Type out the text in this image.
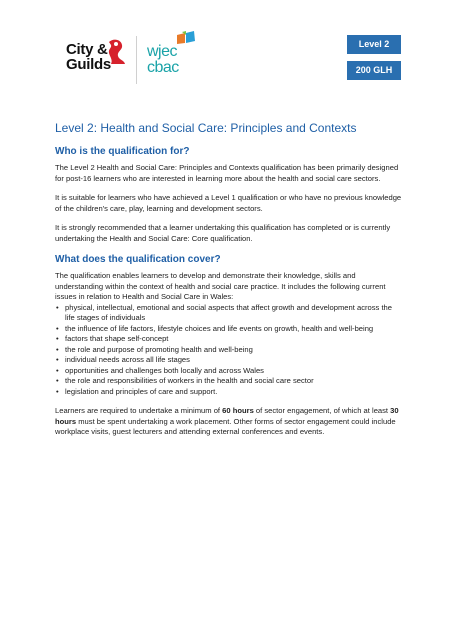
City &
Guilds
wjec
cbac
Level 2
200 GLH
Level 2: Health and Social Care: Principles and Contexts
Who is the qualification for?

The Level 2 Health and Social Care: Principles and Contexts qualification has been primarily designed for post-16 learners who are interested in learning more about the health and social care sectors.

It is suitable for learners who have achieved a Level 1 qualification or who have no previous knowledge of the children's care, play, learning and development sectors.

It is strongly recommended that a learner undertaking this qualification has completed or is currently undertaking the Health and Social Care: Core qualification.

What does the qualification cover?

The qualification enables learners to develop and demonstrate their knowledge, skills and understanding within the context of health and social care practice. It includes the following current issues in relation to Health and Social Care in Wales:

• physical, intellectual, emotional and social aspects that affect growth and development across the life stages of individuals
• the influence of life factors, lifestyle choices and life events on growth, health and well-being
• factors that shape self-concept
• the role and purpose of promoting health and well-being
• individual needs across all life stages
• opportunities and challenges both locally and across Wales
• the role and responsibilities of workers in the health and social care sector
• legislation and principles of care and support.

Learners are required to undertake a minimum of 60 hours of sector engagement, of which at least 30 hours must be spent undertaking a work placement. Other forms of sector engagement could include workplace visits, guest lecturers and attending external conferences and events.
